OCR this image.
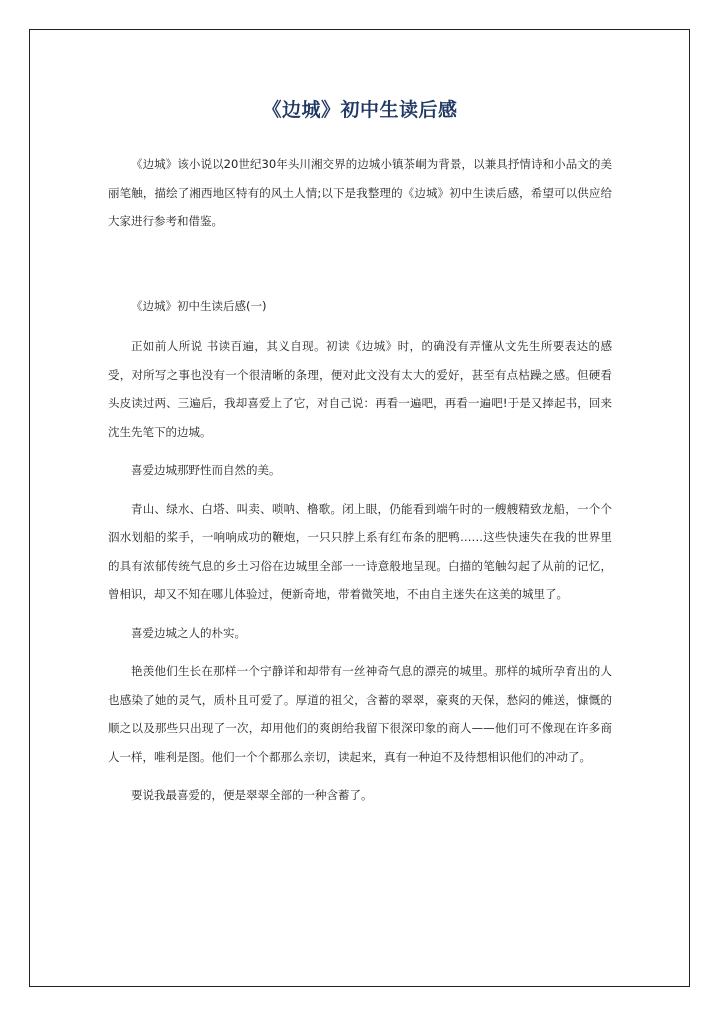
《边城》初中生读后感

《边城》该小说以20世纪30年头川湘交界的边城小镇茶峒为背景，以兼具抒情诗和小品文的美丽笔触，描绘了湘西地区特有的风土人情;以下是我整理的《边城》初中生读后感，希望可以供应给大家进行参考和借鉴。

《边城》初中生读后感(一)

正如前人所说 书读百遍，其义自现。初读《边城》时，的确没有弄懂从文先生所要表达的感受，对所写之事也没有一个很清晰的条理，便对此文没有太大的爱好，甚至有点枯躁之感。但硬看头皮读过两、三遍后，我却喜爱上了它，对自己说：再看一遍吧，再看一遍吧!于是又捧起书，回来沈生先笔下的边城。

喜爱边城那野性而自然的美。

青山、绿水、白塔、叫卖、唢呐、橹歌。闭上眼，仍能看到端午时的一艘艘精致龙船，一个个泅水划船的桨手，一响响成功的鞭炮，一只只脖上系有红布条的肥鸭……这些快速失在我的世界里的具有浓郁传统气息的乡土习俗在边城里全部一一诗意般地呈现。白描的笔触勾起了从前的记忆，曾相识，却又不知在哪儿体验过，便新奇地，带着微笑地，不由自主迷失在这美的城里了。

喜爱边城之人的朴实。

艳羡他们生长在那样一个宁静详和却带有一丝神奇气息的漂亮的城里。那样的城所孕育出的人也感染了她的灵气，质朴且可爱了。厚道的祖父，含蓄的翠翠，豪爽的天保，愁闷的傩送，慷慨的顺之以及那些只出现了一次，却用他们的爽朗给我留下很深印象的商人——他们可不像现在许多商人一样，唯利是图。他们一个个都那么亲切，读起来，真有一种迫不及待想相识他们的冲动了。

要说我最喜爱的，便是翠翠全部的一种含蓄了。
